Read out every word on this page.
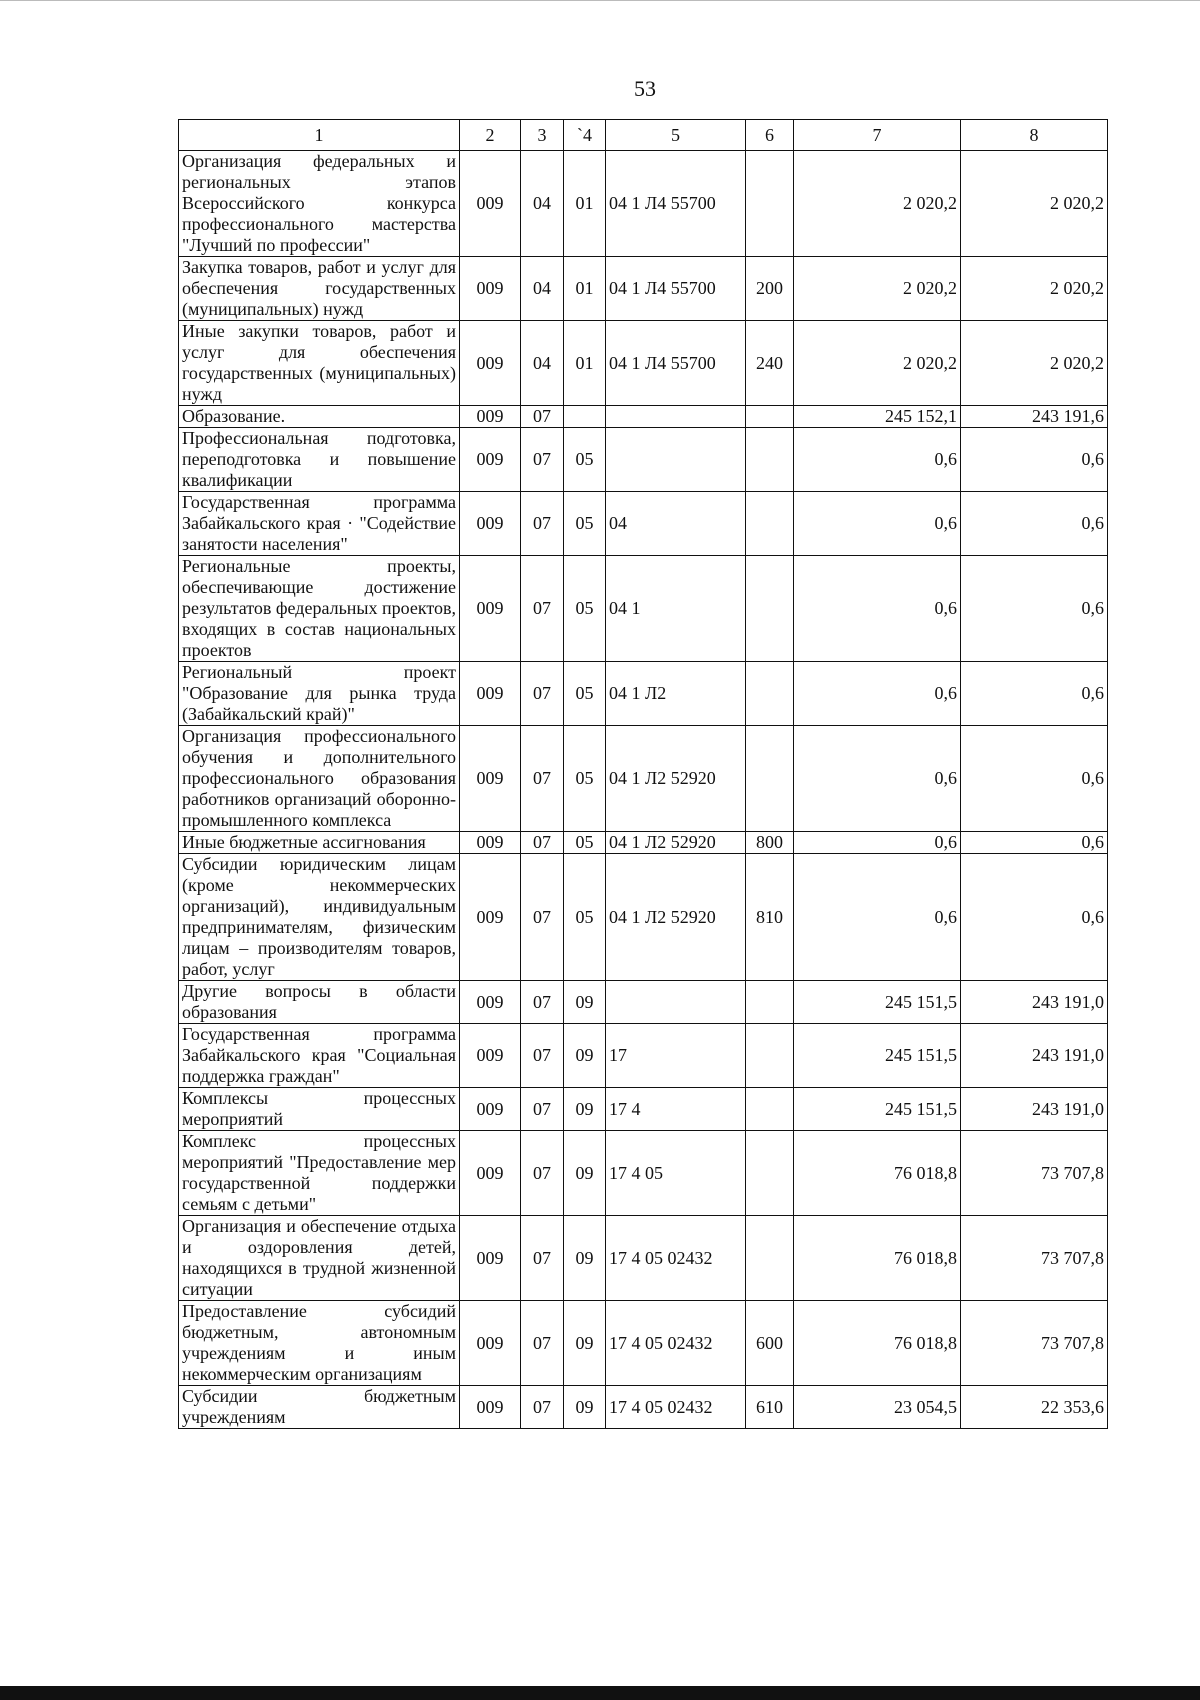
53
1	2	3	`4	5	6	7	8
Организация федеральных и региональных этапов Всероссийского конкурса профессионального мастерства "Лучший по профессии"	009	04	01	04 1 Л4 55700		2 020,2	2 020,2
Закупка товаров, работ и услуг для обеспечения государственных (муниципальных) нужд	009	04	01	04 1 Л4 55700	200	2 020,2	2 020,2
Иные закупки товаров, работ и услуг для обеспечения государственных (муниципальных) нужд	009	04	01	04 1 Л4 55700	240	2 020,2	2 020,2
Образование.	009	07				245 152,1	243 191,6
Профессиональная подготовка, переподготовка и повышение квалификации	009	07	05			0,6	0,6
Государственная программа Забайкальского края · "Содействие занятости населения"	009	07	05	04		0,6	0,6
Региональные проекты, обеспечивающие достижение результатов федеральных проектов, входящих в состав национальных проектов	009	07	05	04 1		0,6	0,6
Региональный проект "Образование для рынка труда (Забайкальский край)"	009	07	05	04 1 Л2		0,6	0,6
Организация профессионального обучения и дополнительного профессионального образования работников организаций оборонно-промышленного комплекса	009	07	05	04 1 Л2 52920		0,6	0,6
Иные бюджетные ассигнования	009	07	05	04 1 Л2 52920	800	0,6	0,6
Субсидии юридическим лицам (кроме некоммерческих организаций), индивидуальным предпринимателям, физическим лицам – производителям товаров, работ, услуг	009	07	05	04 1 Л2 52920	810	0,6	0,6
Другие вопросы в области образования	009	07	09			245 151,5	243 191,0
Государственная программа Забайкальского края "Социальная поддержка граждан"	009	07	09	17		245 151,5	243 191,0
Комплексы процессных мероприятий	009	07	09	17 4		245 151,5	243 191,0
Комплекс процессных мероприятий "Предоставление мер государственной поддержки семьям с детьми"	009	07	09	17 4 05		76 018,8	73 707,8
Организация и обеспечение отдыха и оздоровления детей, находящихся в трудной жизненной ситуации	009	07	09	17 4 05 02432		76 018,8	73 707,8
Предоставление субсидий бюджетным, автономным учреждениям и иным некоммерческим организациям	009	07	09	17 4 05 02432	600	76 018,8	73 707,8
Субсидии бюджетным учреждениям	009	07	09	17 4 05 02432	610	23 054,5	22 353,6
